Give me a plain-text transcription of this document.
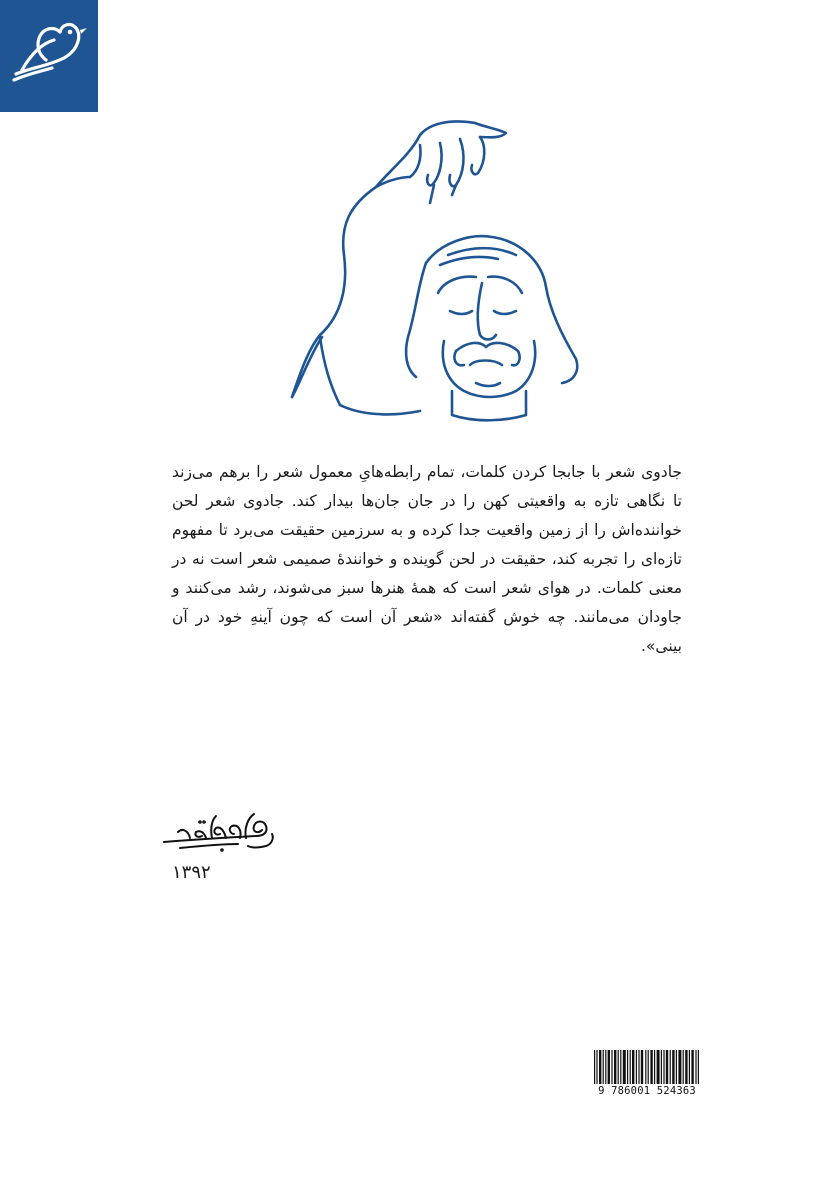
جادوی شعر با جابجا کردن کلمات، تمام رابطه‌هایِ معمول شعر را برهم می‌زند تا نگاهی تازه به واقعیتی کهن را در جان جان‌ها بیدار کند. جادوی شعر لحن خواننده‌اش را از زمین واقعیت جدا کرده و به سرزمین حقیقت می‌برد تا مفهوم تازه‌ای را تجربه کند، حقیقت در لحن گوینده و خوانندهٔ صمیمی شعر است نه در معنی کلمات. در هوای شعر است که همهٔ هنرها سبز می‌شوند، رشد می‌کنند و جاودان می‌مانند. چه خوش گفته‌اند «شعر آن است که چون آینهِ خود در آن بینی».

۱۳۹۲
9 786001 524363
